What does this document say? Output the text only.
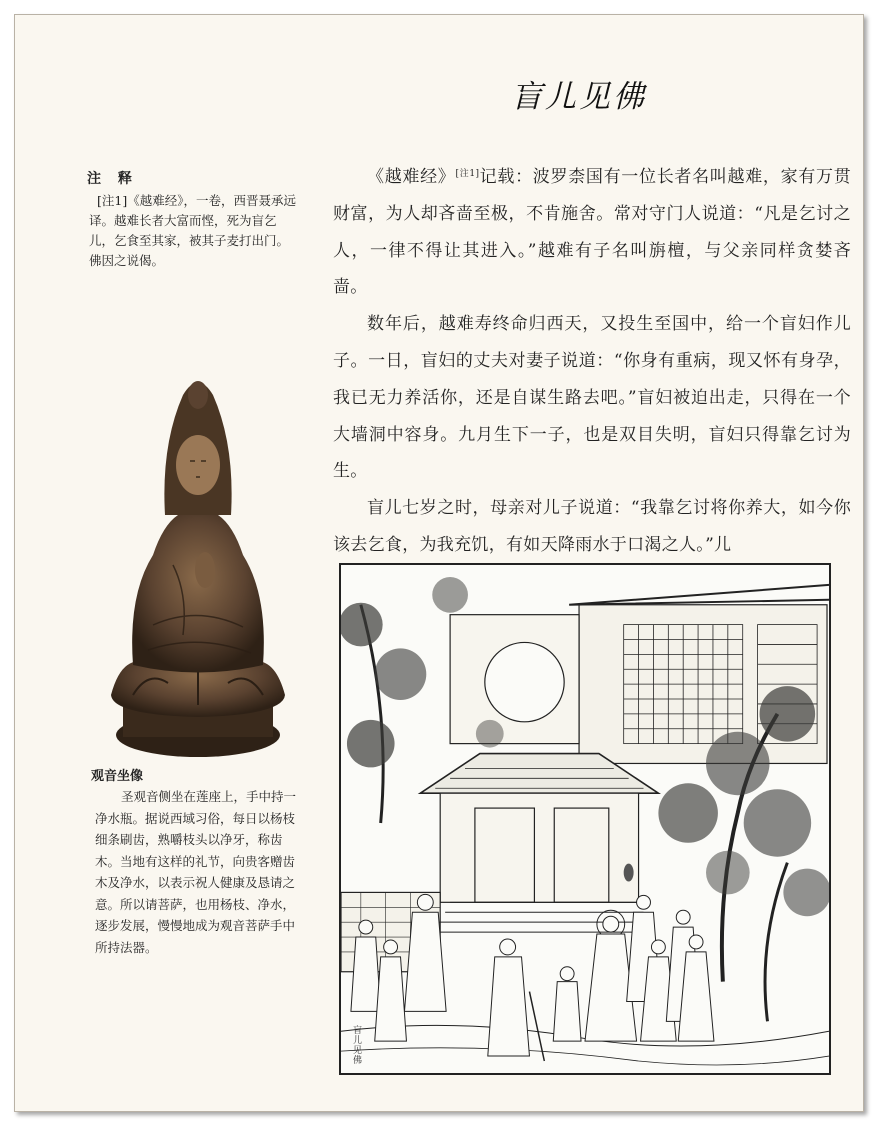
盲儿见佛
注 释
[注1]《越难经》，一卷，西晋聂承远译。越难长者大富而悭，死为盲乞儿，乞食至其家，被其子麦打出门。佛因之说偈。
观音坐像
圣观音侧坐在莲座上，手中持一净水瓶。据说西域习俗，每日以杨枝细条刷齿，熟嚼枝头以净牙，称齿木。当地有这样的礼节，向贵客赠齿木及净水，以表示祝人健康及恳请之意。所以请菩萨，也用杨枝、净水，逐步发展，慢慢地成为观音菩萨手中所持法器。

《越难经》[注1]记载：波罗柰国有一位长者名叫越难，家有万贯财富，为人却吝啬至极，不肯施舍。常对守门人说道：“凡是乞讨之人，一律不得让其进入。”越难有子名叫旃檀，与父亲同样贪婪吝啬。

数年后，越难寿终命归西天，又投生至国中，给一个盲妇作儿子。一日，盲妇的丈夫对妻子说道：“你身有重病，现又怀有身孕，我已无力养活你，还是自谋生路去吧。”盲妇被迫出走，只得在一个大墙洞中容身。九月生下一子，也是双目失明，盲妇只得靠乞讨为生。

盲儿七岁之时，母亲对儿子说道：“我靠乞讨将你养大，如今你该去乞食，为我充饥，有如天降雨水于口渴之人。”儿

盲儿见佛
